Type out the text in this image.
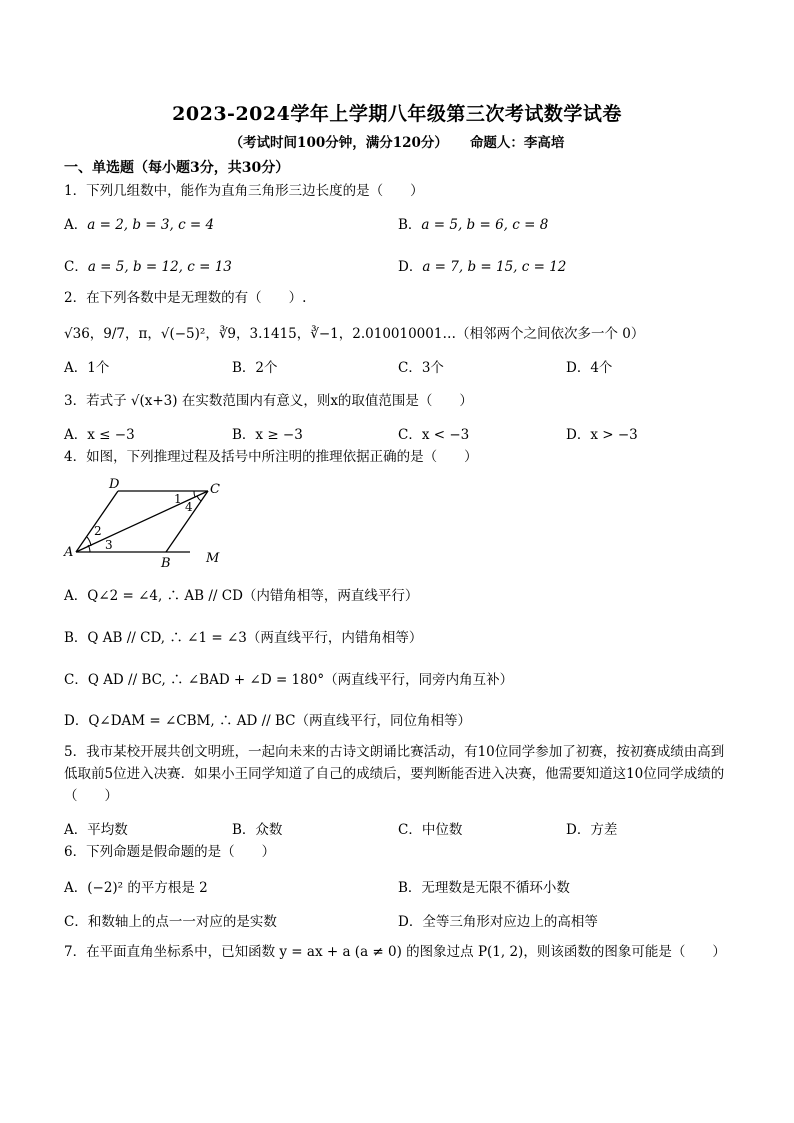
2023-2024学年上学期八年级第三次考试数学试卷
（考试时间100分钟，满分120分） 命题人：李高培
一、单选题（每小题3分，共30分）
1．下列几组数中，能作为直角三角形三边长度的是（　　）
A．a = 2, b = 3, c = 4	B．a = 5, b = 6, c = 8
C．a = 5, b = 12, c = 13	D．a = 7, b = 15, c = 12
2．在下列各数中是无理数的有（　　）.
√36，9/7，π，√(−5)²，∛9，3.1415，∛−1，2.010010001…（相邻两个之间依次多一个 0）
A．1个	B．2个	C．3个	D．4个
3．若式子 √(x+3) 在实数范围内有意义，则x的取值范围是（　　）
A．x ≤ −3	B．x ≥ −3	C．x < −3	D．x > −3
4．如图，下列推理过程及括号中所注明的推理依据正确的是（　　）
D	C
A
B	M
1
2
3
4
A．Q∠2 = ∠4, ∴ AB // CD（内错角相等，两直线平行）
B．Q AB // CD, ∴ ∠1 = ∠3（两直线平行，内错角相等）
C．Q AD // BC, ∴ ∠BAD + ∠D = 180°（两直线平行，同旁内角互补）
D．Q∠DAM = ∠CBM, ∴ AD // BC（两直线平行，同位角相等）
5．我市某校开展共创文明班，一起向未来的古诗文朗诵比赛活动，有10位同学参加了初赛，按初赛成绩由高到低取前5位进入决赛．如果小王同学知道了自己的成绩后，要判断能否进入决赛，他需要知道这10位同学成绩的（　　）
A．平均数	B．众数	C．中位数	D．方差
6．下列命题是假命题的是（　　）
A．(−2)² 的平方根是 2	B．无理数是无限不循环小数
C．和数轴上的点一一对应的是实数	D．全等三角形对应边上的高相等
7．在平面直角坐标系中，已知函数 y = ax + a (a ≠ 0) 的图象过点 P(1, 2)，则该函数的图象可能是（　　）
